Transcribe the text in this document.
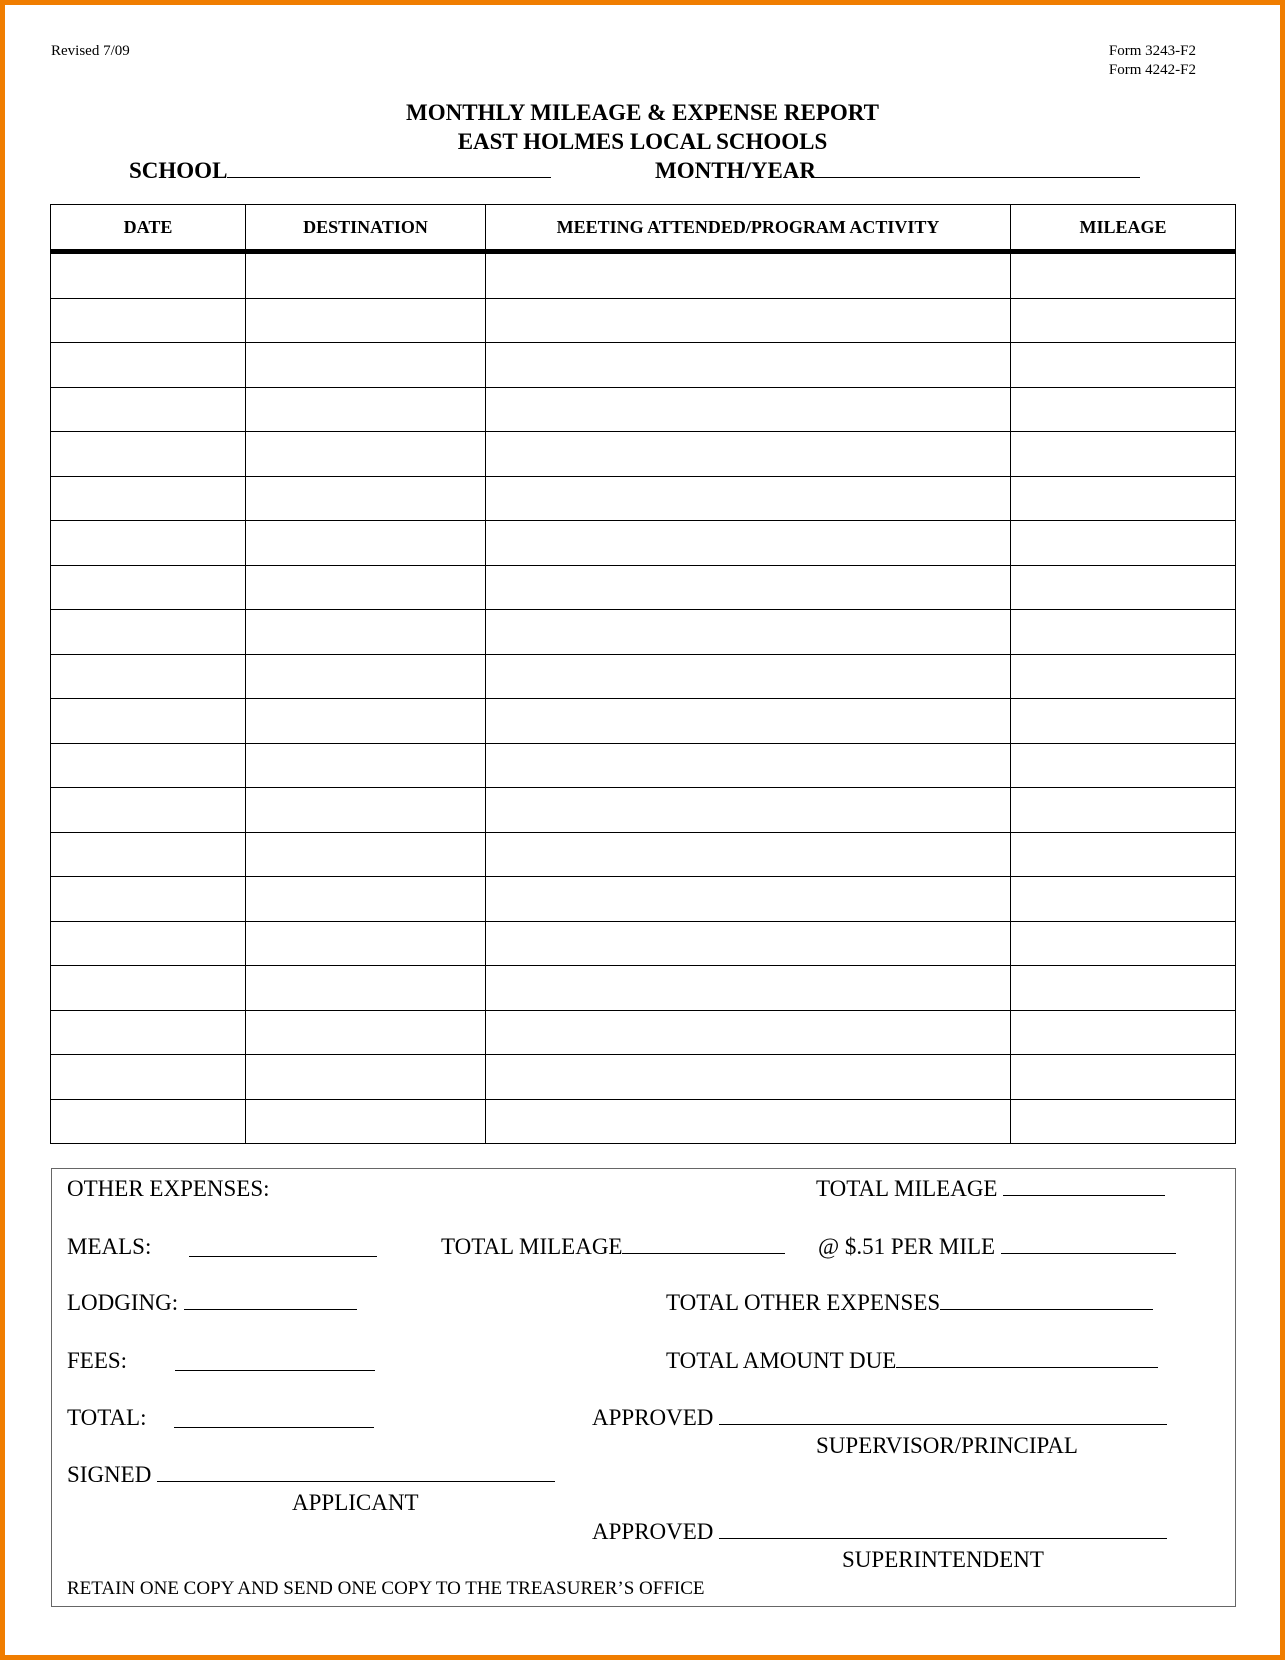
Revised 7/09	Form 3243-F2
Form 4242-F2
MONTHLY MILEAGE & EXPENSE REPORT
EAST HOLMES LOCAL SCHOOLS
SCHOOL	MONTH/YEAR
DATE	DESTINATION	MEETING ATTENDED/PROGRAM ACTIVITY	MILEAGE

OTHER EXPENSES:	TOTAL MILEAGE
MEALS:	TOTAL MILEAGE	@ $.51 PER MILE
LODGING:	TOTAL OTHER EXPENSES
FEES:	TOTAL AMOUNT DUE
TOTAL:	APPROVED
SUPERVISOR/PRINCIPAL
SIGNED
APPLICANT
APPROVED
SUPERINTENDENT
RETAIN ONE COPY AND SEND ONE COPY TO THE TREASURER’S OFFICE
